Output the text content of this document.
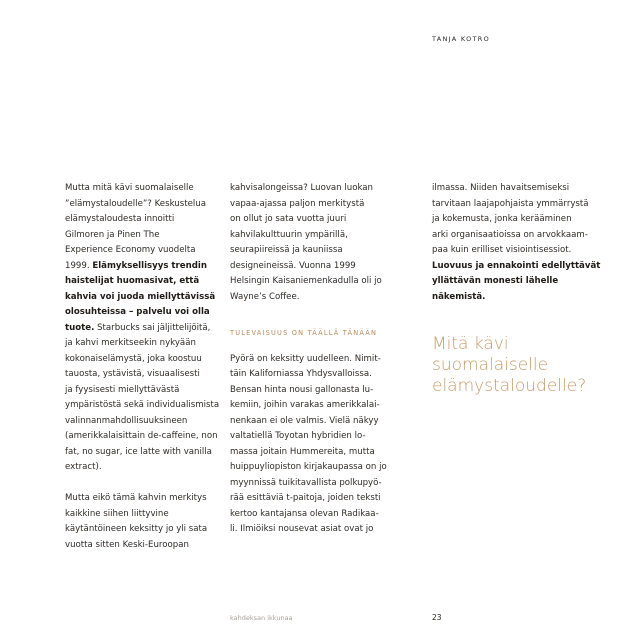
TANJA KOTRO

Mutta mitä kävi suomalaiselle
”elämystaloudelle”? Keskustelua
elämystaloudesta innoitti
Gilmoren ja Pinen The
Experience Economy vuodelta
1999. Elämyksellisyys trendin
haistelijat huomasivat, että
kahvia voi juoda miellyttävissä
olosuhteissa – palvelu voi olla
tuote. Starbucks sai jäljittelijöitä,
ja kahvi merkitseekin nykyään
kokonaiselämystä, joka koostuu
tauosta, ystävistä, visuaalisesti
ja fyysisesti miellyttävästä
ympäristöstä sekä individualismista
valinnanmahdollisuuksineen
(amerikkalaisittain de-caffeine, non
fat, no sugar, ice latte with vanilla
extract).

Mutta eikö tämä kahvin merkitys
kaikkine siihen liittyvine
käytäntöineen keksitty jo yli sata
vuotta sitten Keski-Euroopan

kahvisalongeissa? Luovan luokan
vapaa-ajassa paljon merkitystä
on ollut jo sata vuotta juuri
kahvilakulttuurin ympärillä,
seurapiireissä ja kauniissa
designeineissä. Vuonna 1999
Helsingin Kaisaniemenkadulla oli jo
Wayne’s Coffee.

TULEVAISUUS ON TÄÄLLÄ TÄNÄÄN

Pyörä on keksitty uudelleen. Nimit-
täin Kaliforniassa Yhdysvalloissa.
Bensan hinta nousi gallonasta lu-
kemiin, joihin varakas amerikkalai-
nenkaan ei ole valmis. Vielä näkyy
valtatiellä Toyotan hybridien lo-
massa joitain Hummereita, mutta
huippuyliopiston kirjakaupassa on jo
myynnissä tuikitavallista polkupyö-
rää esittäviä t-paitoja, joiden teksti
kertoo kantajansa olevan Radikaa-
li. Ilmiöiksi nousevat asiat ovat jo

ilmassa. Niiden havaitsemiseksi
tarvitaan laajapohjaista ymmärrystä
ja kokemusta, jonka kerääminen
arki organisaatioissa on arvokkaam-
paa kuin erilliset visiointisessiot.
Luovuus ja ennakointi edellyttävät
yllättävän monesti lähelle
näkemistä.

Mitä kävi
suomalaiselle
elämystaloudelle?
kahdeksan ikkunaa	23
